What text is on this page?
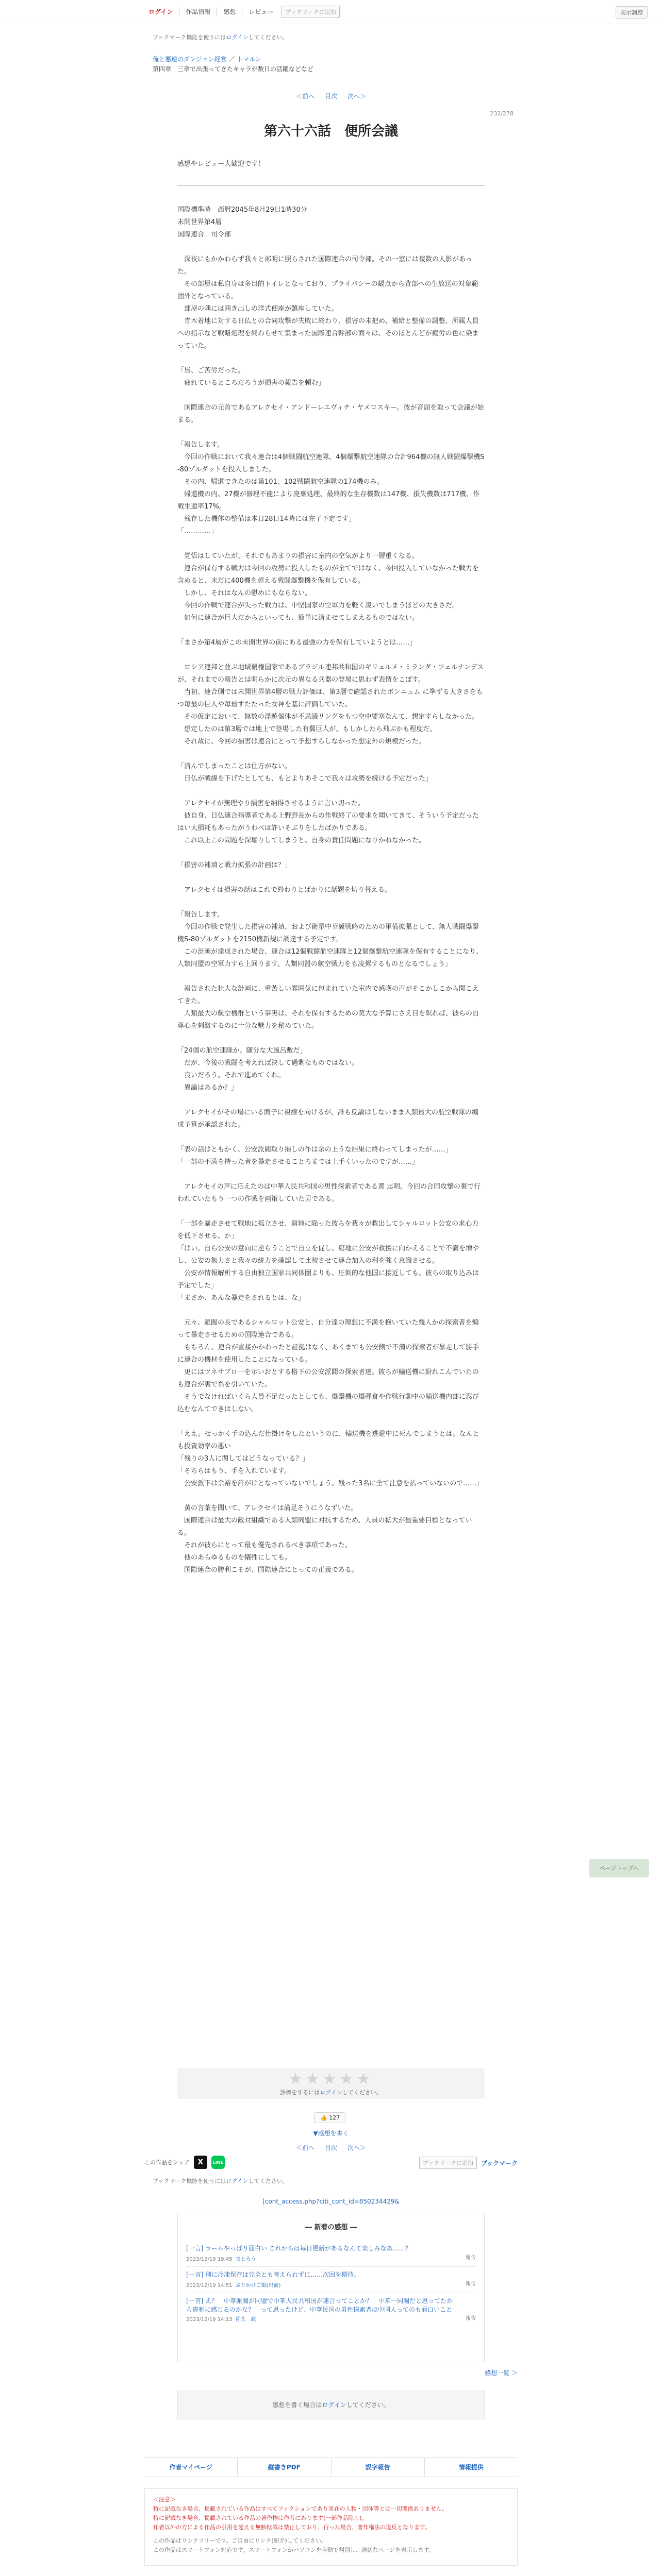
ログイン	作品情報	感想	レビュー	ブックマークに追加	表示調整
ブックマーク機能を使うにはログインしてください。
俺と悪逆のダンジョン経営 ／ トマルン
第四章　三章で出張ってきたキャラが数日の活躍などなど
＜前へ 目次 次へ＞
232/278
第六十六話　便所会議
感想やレビュー大歓迎です！
国際標準時　西暦2045年8月29日1時30分
未開世界第4層
国際連合　司令部

　深夜にもかかわらず我々と部明に照らされた国際連合の司令部。その一室には複数の人影があった。
　その部屋は私自身は多目的トイレとなっており、プライバシーの観点から背部への生放送の対象範囲外となっている。
　部屋の隅には囲き出しの洋式便座が鎮座していた。
　青木着地に対する日仏との合同攻撃が失敗に終わり、損害の未把め、補給と整備の調整、所属人員への指示など戦略処理を終わらせて集まった国際連合幹部の面々は、そのほとんどが疲労の色に染まっていた。

「皆、ご苦労だった。
　疲れているところだろうが損害の報告を頼む」

　国際連合の元首であるアレクセイ・アンドーレエヴィチ・ヤメロスキー。彼が音頭を取って会議が始まる。

「報告します。
　今回の作戦において我々連合は4個戦闘航空連隊、4個爆撃航空連隊の合計964機の無人戦闘爆撃機S-80ゾルダットを投入しました。
　その内、帰還できたのは第101、102戦闘航空連隊の174機のみ。
　帰還機の内、27機が修理不能により廃棄処理、最終的な生存機数は147機、損失機数は717機、作戦生還率17%。
　残存した機体の整備は本日28日14時には完了予定です」
「…………」

　覚悟はしていたが、それでもあまりの損害に室内の空気がより一層重くなる。
　連合が保有する戦力は今回の攻勢に投入したものが全てではなく、今回投入していなかった戦力を含めると、未だに400機を超える戦闘爆撃機を保有している。
　しかし、それはなんの慰めにもならない。
　今回の作戦で連合が失った戦力は、中堅国家の空軍力を軽く凌いでしまうほどの大きさだ。
　如何に連合が巨大だからといっても、簡単に済ませてしまえるものではない。

「まさか第4層がこの未開世界の前にある最強の力を保有していようとは……」

　ロシア連邦と並ぶ地域覇権国家であるブラジル連邦共和国のギリェルメ・ミランダ・フェルナンデスが、それまでの報告とは明らかに次元の異なる兵器の登場に思わず表情をこぼす。
　当初、連合側では未開世界第4層の戦力評価は、第3層で確認されたボンニュム に準ずる大きさをもつ毎最の巨人や毎最すたたった女神を基に評価していた。
　その仮定において、無数の浮遊個体が不思議リングをもつ空中要塞なんて、想定すらしなかった。
　想定したのは第3層では地上で登場した有翼巨人が、もしかしたら飛ぶかも程度だ。
　それ故に、今回の損害は連合にとって予想すらしなかった想定外の規模だった。

「済んでしまったことは仕方がない。
　日仏が戦線を下げたとしても、もとよりあそこで我々は攻勢を続ける予定だった」

　アレクセイが無理やり損害を納得させるように言い切った。
　彼自身、日仏連合指導者である上野野長からの作戦終了の要求を聞いてきて、そういう予定だったはい大損耗もあったがうわべは許いそぶりをしたばかりである。
　これ以上この問題を深堀りしてしまうと、自身の責任問題になりかねなかった。

「損害の補填と戦力拡張の計画は？」

　アレクセイは損害の話はこれで終わりとばかりに話題を切り替える。

「報告します。
　今回の作戦で発生した損害の補填、および衛星中華冀戦略のための軍備拡張として、無人戦闘爆撃機S-80ゾルダットを2150機新規に調達する予定です。
　この計画が達成された場合、連合は12個戦闘航空連隊と12個爆撃航空連隊を保有することになり、人類同盟の空軍力すら上回ります。人類同盟の航空戦力をも凌駕するものとなるでしょう」

　報告された壮大な計画に、重苦しい雰囲気に包まれていた室内で感嘆の声がそこかしこから聞こえてきた。
　人類最大の航空機群という事実は、それを保有するための莫大な予算にさえ目を瞑れば、彼らの自尊心を刺激するのに十分な魅力を秘めていた。

「24個の航空連隊か。随分な大風呂敷だ」
　だが、今後の戦闘を考えれば決して過剰なものではない。
　良いだろう。それで進めてくれ。
　異論はあるか？」

　アレクセイがその場にいる面子に視線を向けるが、誰も反論はしないまま人類最大の航空戦隊の編成予算が承認された。

「表の話はともかく、公安派閥取り損しの作は余の上うな結果に終わってしまったが……」
「一部の不満を持った者を暴走させることろまでは上手くいったのですが……」

　アレクセイの声に応えたのは中華人民共和国の男性探索者である黄 志明。今回の合同攻撃の裏で行われていたもう一つの作戦を画策していた男である。

「一部を暴走させて戦地に孤立させ、窮地に陥った彼らを我々が救出してシャルロット公安の求心力を低下させる。か」
「はい。自ら公安の意向に逆らうことで自立を促し、窮地に公安が救援に向かえることで不満を増やし、公安の無力さと我々の統力を確認して比較させて連合加入の利を強く意識させる。
　公安が情報解析する自由独立国家共同体圏よりも、圧倒的な他国に接近しても、彼らの取り込みは予定でした」
「まさか、あんな暴走をされるとは、な」

　元々、派閥の長であるシャルロット公安と、自分達の理想に不満を抱いていた幾人かの探索者を煽って暴走させるための国際連合である。
　もちろん、連合が直接かかわったと証拠はなく、あくまでも公安側で不満の探索者が暴走して勝手に連合の機材を使用したことになっている。
　更にはツネサブロ一を示いおとする格下の公安派閥の探索者達。彼らが輸送機に紛れこんでいたのも連合が裏で糸を引いていた。
　そうでなければいくら人員不足だったとしても、爆撃機の爆弾倉や作戦行動中の輸送機内部に忍び込むなんてできはしない。

「ええ。せっかく手の込んだ仕掛けをしたというのに、輸送機を逃避中に死んでしまうとは。なんとも投資効率の悪い
「残りの3人に関してはどうなっている？」
「そちらはもう、手を入れています。
　公安派下は余裕を許がけとなっていないでしょう。残った3名に全て注意を払っていないので……」

　黄の言葉を聞いて、アレクセイは満足そうにうなずいた。
　国際連合は最大の敵対組織である人類同盟に対抗するため、人員の拡大が最重要目標となっている。
　それが彼らにとって最も優先されるべき事項であった。
　他のあらゆるものを犠牲にしても。
　国際連合の勝利こそが、国際連合にとっての正義である。
ページトップへ
★★★★★
評価をするにはログインしてください。
👍 127
▼感想を書く
＜前へ 目次 次へ＞
この作品をシェア	X	LINE	ブックマークに追加	ブックマーク
ブックマーク機能を使うにはログインしてください。
[cont_access.php?citi_cont_id=850234429&
― 新着の感想 ―
[一言] ラールやっぱり面白い これからは毎日更新があるなんて楽しみなあ……？
2023/12/19 19:45 まとろう	報告
[一言] 別に冷凍保存は完全とも考えられずに……次回を期待。
2023/12/19 14:51 ぶりかけご飯(出前)	報告
[一言] え？　中華派閥が同盟で中華人民共和国が連合ってことか？　中華一同閥だと思ってたから違和に感じるのかな？　って思ったけど、中華民国の男性探索者は中国人ってのも面白いこと
2023/12/19 14:13 佐久　政	報告
感想一覧 ＞
感想を書く場合はログインしてください。
作者マイページ	縦書きPDF	誤字報告	情報提供
＜注意＞
特に記載なき場合、掲載されている作品はすべてフィクションであり実在の人物・団体等とは一切関係ありません。
特に記載なき場合、掲載されている作品の著作権は作者にあります(一部作品除く)。
作者以外の方による作品の引用を超える無断転載は禁止しており、行った場合、著作権法の違反となります。
この作品はリンクフリーです。ご自由にリンク(紹介)してください。
この作品はスマートフォン対応です。スマートフォンかパソコンを自動で判別し、適切なページを表示します。
